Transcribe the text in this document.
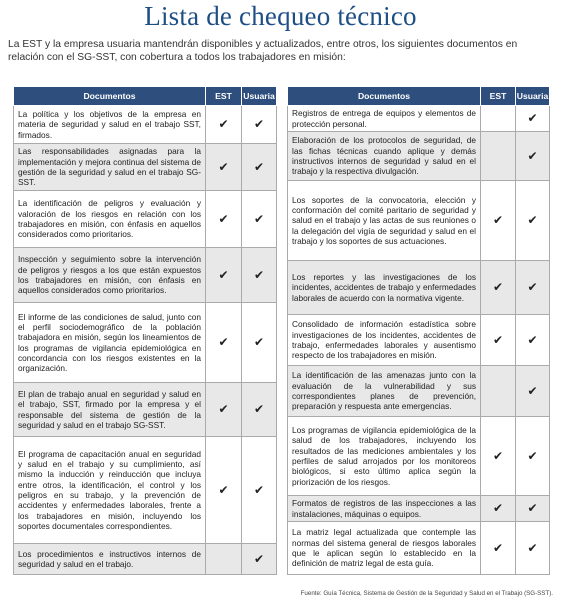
Lista de chequeo técnico
La EST y la empresa usuaria mantendrán disponibles y actualizados, entre otros, los siguientes documentos en relación con el SG-SST, con cobertura a todos los trabajadores en misión:
Documentos	EST	Usuaria
La política y los objetivos de la empresa en materia de seguridad y salud en el trabajo SST, firmados.	✔	✔
Las responsabilidades asignadas para la implementación y mejora continua del sistema de gestión de la seguridad y salud en el trabajo SG-SST.	✔	✔
La identificación de peligros y evaluación y valoración de los riesgos en relación con los trabajadores en misión, con énfasis en aquellos considerados como prioritarios.	✔	✔
Inspección y seguimiento sobre la intervención de peligros y riesgos a los que están expuestos los trabajadores en misión, con énfasis en aquellos considerados como prioritarios.	✔	✔
El informe de las condiciones de salud, junto con el perfil sociodemográfico de la población trabajadora en misión, según los lineamientos de los programas de vigilancia epidemiológica en concordancia con los riesgos existentes en la organización.	✔	✔
El plan de trabajo anual en seguridad y salud en el trabajo, SST, firmado por la empresa y el responsable del sistema de gestión de la seguridad y salud en el trabajo SG-SST.	✔	✔
El programa de capacitación anual en seguridad y salud en el trabajo y su cumplimiento, así mismo la inducción y reinducción que incluya entre otros, la identificación, el control y los peligros en su trabajo, y la prevención de accidentes y enfermedades laborales, frente a los trabajadores en misión, incluyendo los soportes documentales correspondientes.	✔	✔
Los procedimientos e instructivos internos de seguridad y salud en el trabajo.		✔
Documentos	EST	Usuaria
Registros de entrega de equipos y elementos de protección personal.		✔
Elaboración de los protocolos de seguridad, de las fichas técnicas cuando aplique y demás instructivos internos de seguridad y salud en el trabajo y la respectiva divulgación.		✔
Los soportes de la convocatoria, elección y conformación del comité paritario de seguridad y salud en el trabajo y las actas de sus reuniones o la delegación del vigía de seguridad y salud en el trabajo y los soportes de sus actuaciones.	✔	✔
Los reportes y las investigaciones de los incidentes, accidentes de trabajo y enfermedades laborales de acuerdo con la normativa vigente.	✔	✔
Consolidado de información estadística sobre investigaciones de los incidentes, accidentes de trabajo, enfermedades laborales y ausentismo respecto de los trabajadores en misión.	✔	✔
La identificación de las amenazas junto con la evaluación de la vulnerabilidad y sus correspondientes planes de prevención, preparación y respuesta ante emergencias.		✔
Los programas de vigilancia epidemiológica de la salud de los trabajadores, incluyendo los resultados de las mediciones ambientales y los perfiles de salud arrojados por los monitoreos biológicos, si esto último aplica según la priorización de los riesgos.	✔	✔
Formatos de registros de las inspecciones a las instalaciones, máquinas o equipos.	✔	✔
La matriz legal actualizada que contemple las normas del sistema general de riesgos laborales que le aplican según lo establecido en la definición de matriz legal de esta guía.	✔	✔
Fuente: Guía Técnica, Sistema de Gestión de la Seguridad y Salud en el Trabajo (SG-SST).
